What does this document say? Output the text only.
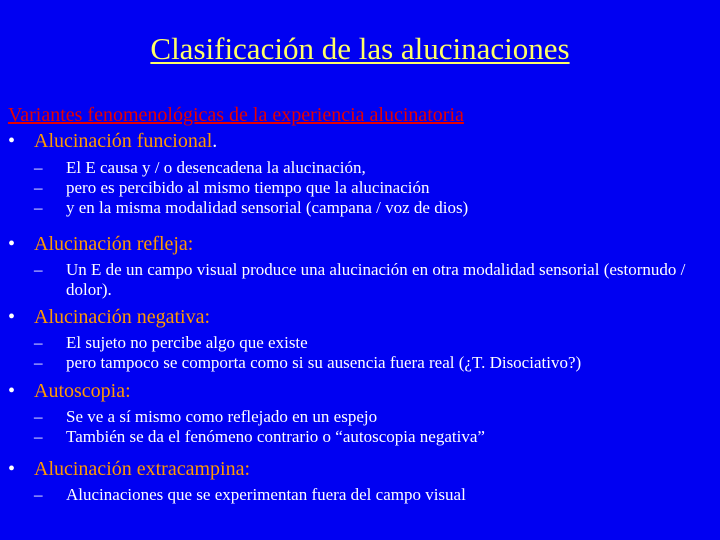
Clasificación de las alucinaciones
Variantes fenomenológicas de la experiencia alucinatoria
• Alucinación funcional.
–	El E causa y / o desencadena la alucinación,
–	pero es percibido al mismo tiempo que la alucinación
–	y en la misma modalidad sensorial (campana / voz de dios)
• Alucinación refleja:
–	Un E de un campo visual produce una alucinación en otra modalidad sensorial (estornudo / dolor).
• Alucinación negativa:
–	El sujeto no percibe algo que existe
–	pero tampoco se comporta como si su ausencia fuera real (¿T. Disociativo?)
• Autoscopia:
–	Se ve a sí mismo como reflejado en un espejo
–	También se da el fenómeno contrario o “autoscopia negativa”
• Alucinación extracampina:
–	Alucinaciones que se experimentan fuera del campo visual
